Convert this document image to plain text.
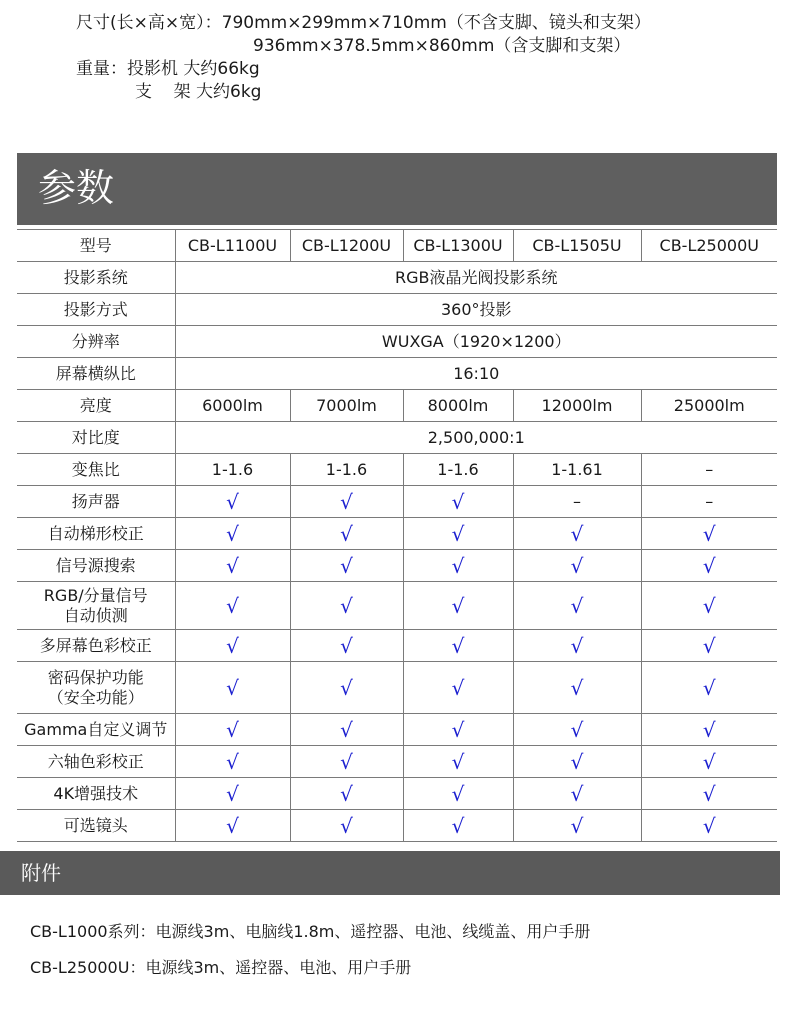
尺寸(长×高×宽）：790mm×299mm×710mm（不含支脚、镜头和支架）
936mm×378.5mm×860mm（含支脚和支架）
重量：投影机 大约66kg
支    架 大约6kg
参数
型号	CB-L1100U	CB-L1200U	CB-L1300U	CB-L1505U	CB-L25000U
投影系统	RGB液晶光阀投影系统				
投影方式	360°投影				
分辨率	WUXGA（1920×1200）				
屏幕横纵比	16:10				
亮度	6000lm	7000lm	8000lm	12000lm	25000lm
对比度	2,500,000:1				
变焦比	1-1.6	1-1.6	1-1.6	1-1.61	–
扬声器	√	√	√	–	–
自动梯形校正	√	√	√	√	√
信号源搜索	√	√	√	√	√
RGB/分量信号
自动侦测	√	√	√	√	√
多屏幕色彩校正	√	√	√	√	√
密码保护功能
（安全功能）	√	√	√	√	√
Gamma自定义调节	√	√	√	√	√
六轴色彩校正	√	√	√	√	√
4K增强技术	√	√	√	√	√
可选镜头	√	√	√	√	√
附件
CB-L1000系列：电源线3m、电脑线1.8m、遥控器、电池、线缆盖、用户手册
CB-L25000U：电源线3m、遥控器、电池、用户手册
